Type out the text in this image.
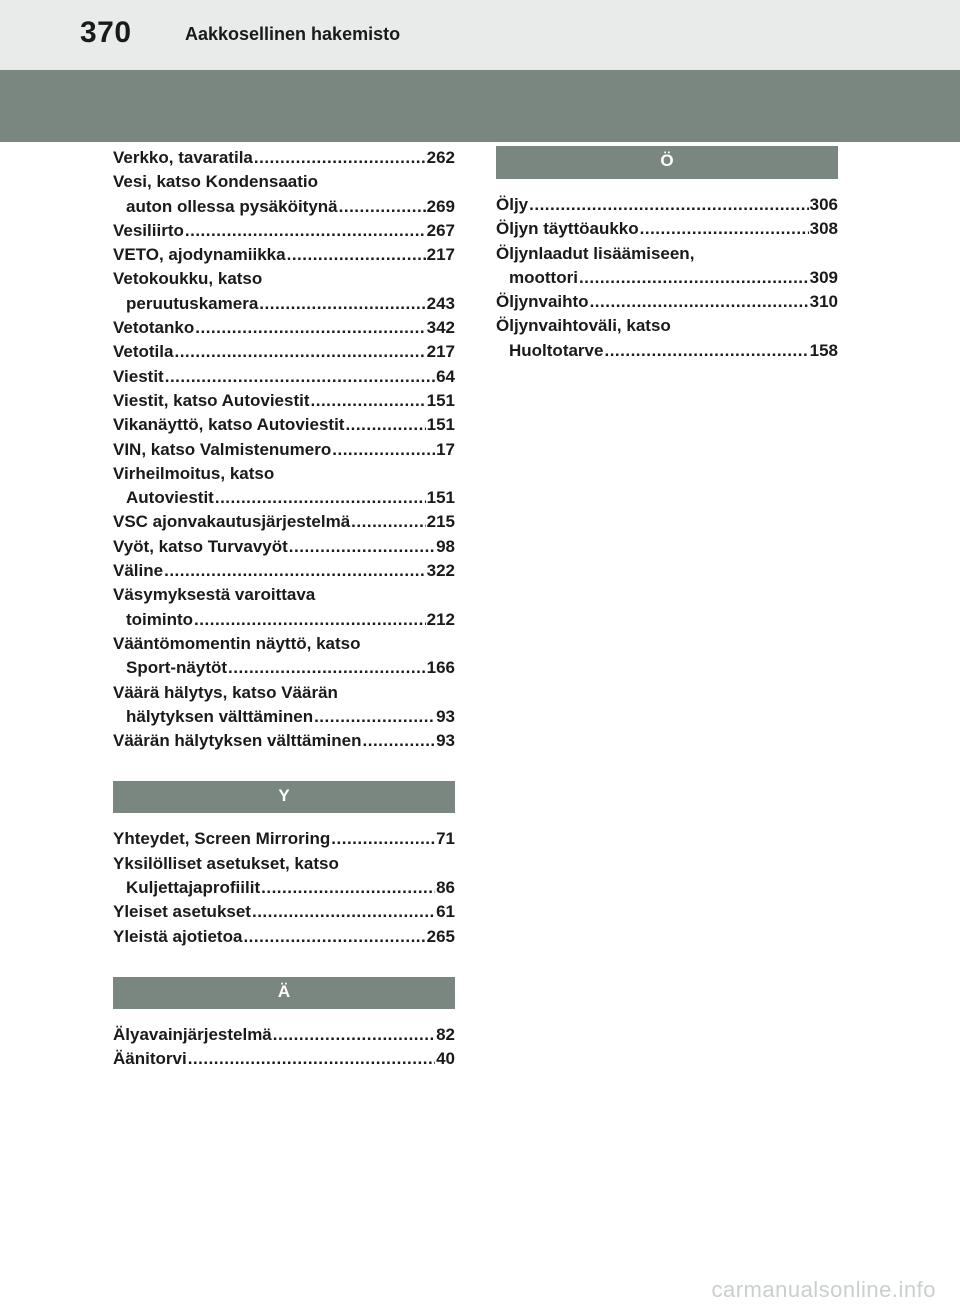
370	Aakkosellinen hakemisto
Verkko, tavaratila .....	262
Vesi, katso Kondensaatio
auton ollessa pysäköitynä .....	269
Vesiliirto .....	267
VETO, ajodynamiikka .....	217
Vetokoukku, katso
peruutuskamera .....	243
Vetotanko .....	342
Vetotila .....	217
Viestit .....	64
Viestit, katso Autoviestit .....	151
Vikanäyttö, katso Autoviestit .....	151
VIN, katso Valmistenumero .....	17
Virheilmoitus, katso
Autoviestit .....	151
VSC ajonvakautusjärjestelmä .....	215
Vyöt, katso Turvavyöt .....	98
Väline .....	322
Väsymyksestä varoittava
toiminto .....	212
Vääntömomentin näyttö, katso
Sport-näytöt .....	166
Väärä hälytys, katso Väärän
hälytyksen välttäminen .....	93
Väärän hälytyksen välttäminen .....	93
Y
Yhteydet, Screen Mirroring .....	71
Yksilölliset asetukset, katso
Kuljettajaprofiilit .....	86
Yleiset asetukset .....	61
Yleistä ajotietoa .....	265
Ä
Älyavainjärjestelmä .....	82
Äänitorvi .....	40
Ö
Öljy .....	306
Öljyn täyttöaukko .....	308
Öljynlaadut lisäämiseen,
moottori .....	309
Öljynvaihto .....	310
Öljynvaihtoväli, katso
Huoltotarve .....	158
carmanualsonline.info
